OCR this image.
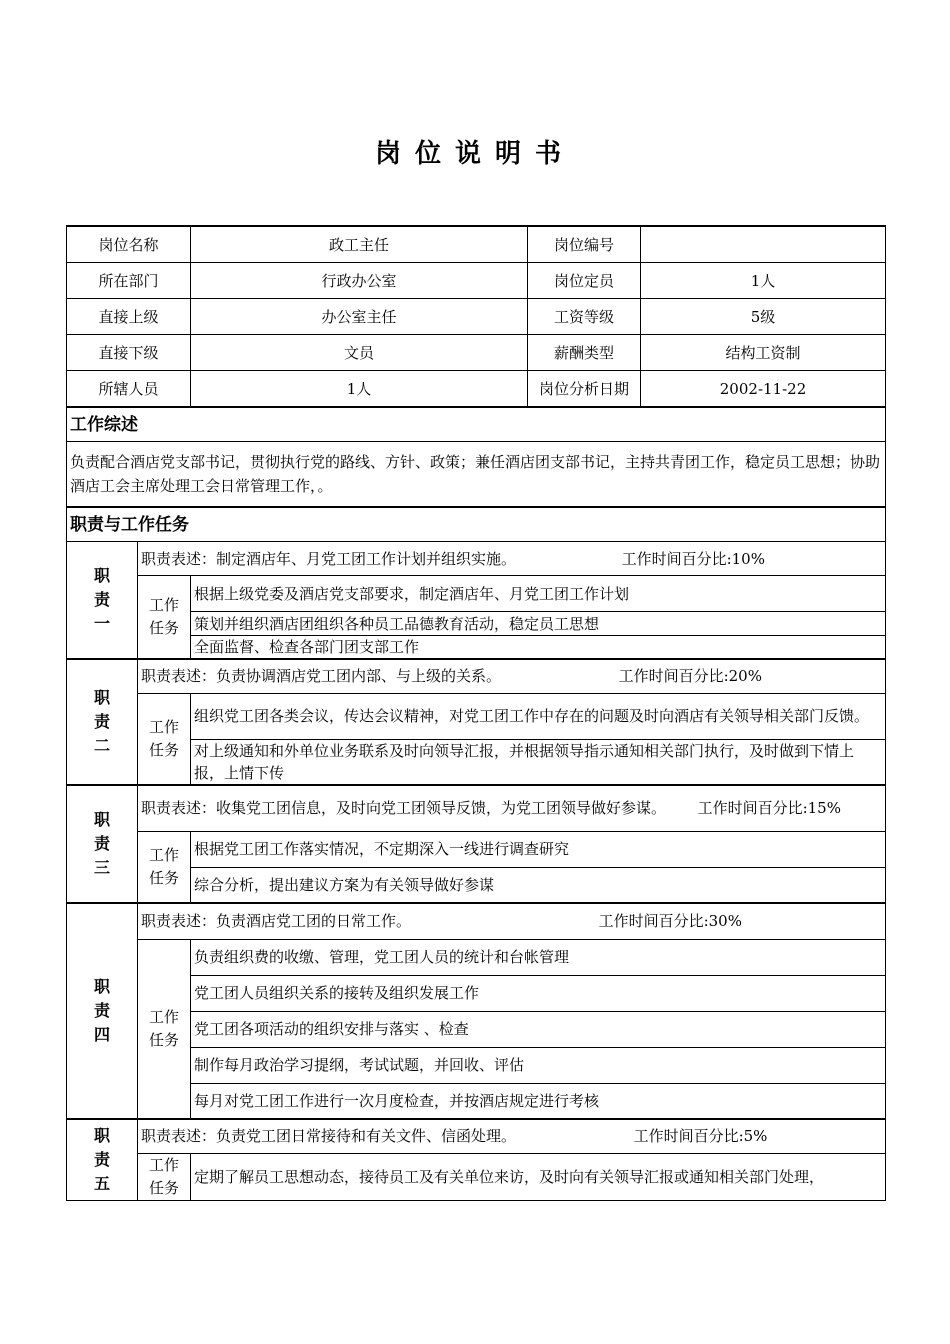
岗位说明书
岗位名称		政工主任	岗位编号	
所在部门		行政办公室	岗位定员	1人
直接上级		办公室主任	工资等级	5级
直接下级		文员	薪酬类型	结构工资制
所辖人员		1人	岗位分析日期	2002-11-22
工作综述				
负责配合酒店党支部书记，贯彻执行党的路线、方针、政策；兼任酒店团支部书记，主持共青团工作，稳定员工思想；协助酒店工会主席处理工会日常管理工作，。				
职责与工作任务				

职
责
一	职责表述：制定酒店年、月党工团工作计划并组织实施。 工作时间百分比:10%			

	工作
任务	根据上级党委及酒店党支部要求，制定酒店年、月党工团工作计划		
		策划并组织酒店团组织各种员工品德教育活动，稳定员工思想		
		全面监督、检查各部门团支部工作		

职
责
二	职责表述：负责协调酒店党工团内部、与上级的关系。 工作时间百分比:20%			

	工作
任务	组织党工团各类会议，传达会议精神，对党工团工作中存在的问题及时向酒店有关领导相关部门反馈。		
		对上级通知和外单位业务联系及时向领导汇报，并根据领导指示通知相关部门执行，及时做到下情上报，上情下传		

职
责
三	职责表述：收集党工团信息，及时向党工团领导反馈，为党工团领导做好参谋。 工作时间百分比:15%			

	工作
任务	根据党工团工作落实情况，不定期深入一线进行调查研究		
		综合分析，提出建议方案为有关领导做好参谋		

职
责
四	职责表述：负责酒店党工团的日常工作。 工作时间百分比:30%			

	工作
任务	负责组织费的收缴、管理，党工团人员的统计和台帐管理		
		党工团人员组织关系的接转及组织发展工作		
		党工团各项活动的组织安排与落实 、检查		
		制作每月政治学习提纲，考试试题，并回收、评估		
		每月对党工团工作进行一次月度检查，并按酒店规定进行考核		

职
责
五	职责表述：负责党工团日常接待和有关文件、信函处理。 工作时间百分比:5%			

	工作
任务	定期了解员工思想动态，接待员工及有关单位来访，及时向有关领导汇报或通知相关部门处理，		
